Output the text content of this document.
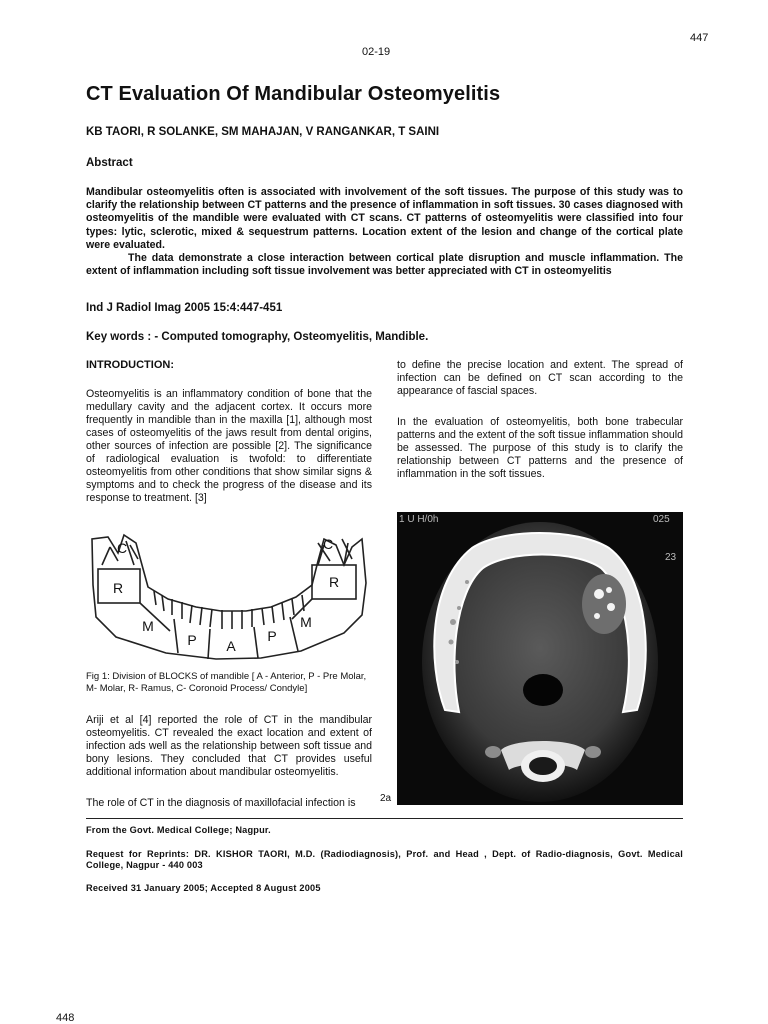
447
02-19
CT Evaluation Of Mandibular Osteomyelitis
KB TAORI, R SOLANKE, SM MAHAJAN, V RANGANKAR, T SAINI
Abstract

Mandibular osteomyelitis often is associated with involvement of the soft tissues. The purpose of this study was to clarify the relationship between CT patterns and the presence of inflammation in soft tissues. 30 cases diagnosed with osteomyelitis of the mandible were evaluated with CT scans. CT patterns of osteomyelitis were classified into four types: lytic, sclerotic, mixed & sequestrum patterns. Location extent of the lesion and change of the cortical plate were evaluated.

The data demonstrate a close interaction between cortical plate disruption and muscle inflammation. The extent of inflammation including soft tissue involvement was better appreciated with CT in osteomyelitis

Ind J Radiol Imag 2005 15:4:447-451
Key words : - Computed tomography, Osteomyelitis, Mandible.
INTRODUCTION:

Osteomyelitis is an inflammatory condition of bone that the medullary cavity and the adjacent cortex. It occurs more frequently in mandible than in the maxilla [1], although most cases of osteomyelitis of the jaws result from dental origins, other sources of infection are possible [2]. The significance of radiological evaluation is twofold: to differentiate osteomyelitis from other conditions that show similar signs & symptoms and to check the progress of the disease and its response to treatment. [3]

C	C
R	R
M	M
P	P
A
Fig 1: Division of BLOCKS of mandible [ A - Anterior, P - Pre Molar, M- Molar, R- Ramus, C- Coronoid Process/ Condyle]

Ariji et al [4] reported the role of CT in the mandibular osteomyelitis. CT revealed the exact location and extent of infection ads well as the relationship between soft tissue and bony lesions. They concluded that CT provides useful additional information about mandibular osteomyelitis.

The role of CT in the diagnosis of maxillofacial infection is

to define the precise location and extent. The spread of infection can be defined on CT scan according to the appearance of fascial spaces.

In the evaluation of osteomyelitis, both bone trabecular patterns and the extent of the soft tissue inflammation should be assessed. The purpose of this study is to clarify the relationship between CT patterns and the presence of inflammation in the soft tissues.

1 U H/0h	025
23
2a
From the Govt. Medical College; Nagpur.
Request for Reprints: DR. KISHOR TAORI, M.D. (Radiodiagnosis), Prof. and Head , Dept. of Radio-diagnosis, Govt. Medical College, Nagpur - 440 003
Received 31 January 2005; Accepted 8 August 2005
448
